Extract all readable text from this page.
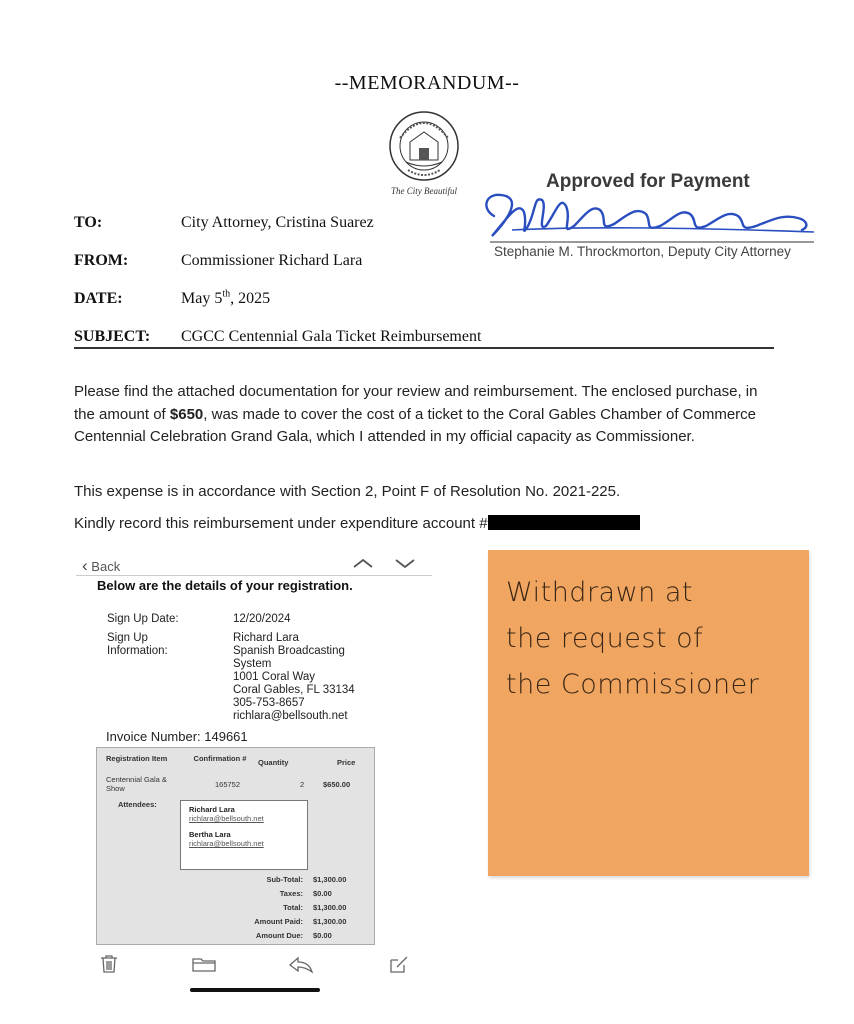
--MEMORANDUM--
The City Beautiful
TO:	City Attorney, Cristina Suarez
FROM:	Commissioner Richard Lara
DATE:	May 5th, 2025
SUBJECT: CGCC Centennial Gala Ticket Reimbursement
Approved for Payment
Stephanie M. Throckmorton, Deputy City Attorney
Please find the attached documentation for your review and reimbursement. The enclosed purchase, in the amount of $650, was made to cover the cost of a ticket to the Coral Gables Chamber of Commerce Centennial Celebration Grand Gala, which I attended in my official capacity as Commissioner.
This expense is in accordance with Section 2, Point F of Resolution No. 2021-225.
Kindly record this reimbursement under expenditure account #
‹ Back
Below are the details of your registration.
Sign Up Date:	12/20/2024
Sign Up Information:
Richard Lara
Spanish Broadcasting
System
1001 Coral Way
Coral Gables, FL 33134
305-753-8657
richlara@bellsouth.net
Invoice Number: 149661
Registration Item	Confirmation #	Quantity	Price
Centennial Gala & Show	165752	2	$650.00
Attendees:
Richard Lara
richlara@bellsouth.net
Bertha Lara
richlara@bellsouth.net
Sub-Total: $1,300.00
Taxes: $0.00
Total: $1,300.00
Amount Paid: $1,300.00
Amount Due: $0.00
Withdrawn at
the request of
the Commissioner
